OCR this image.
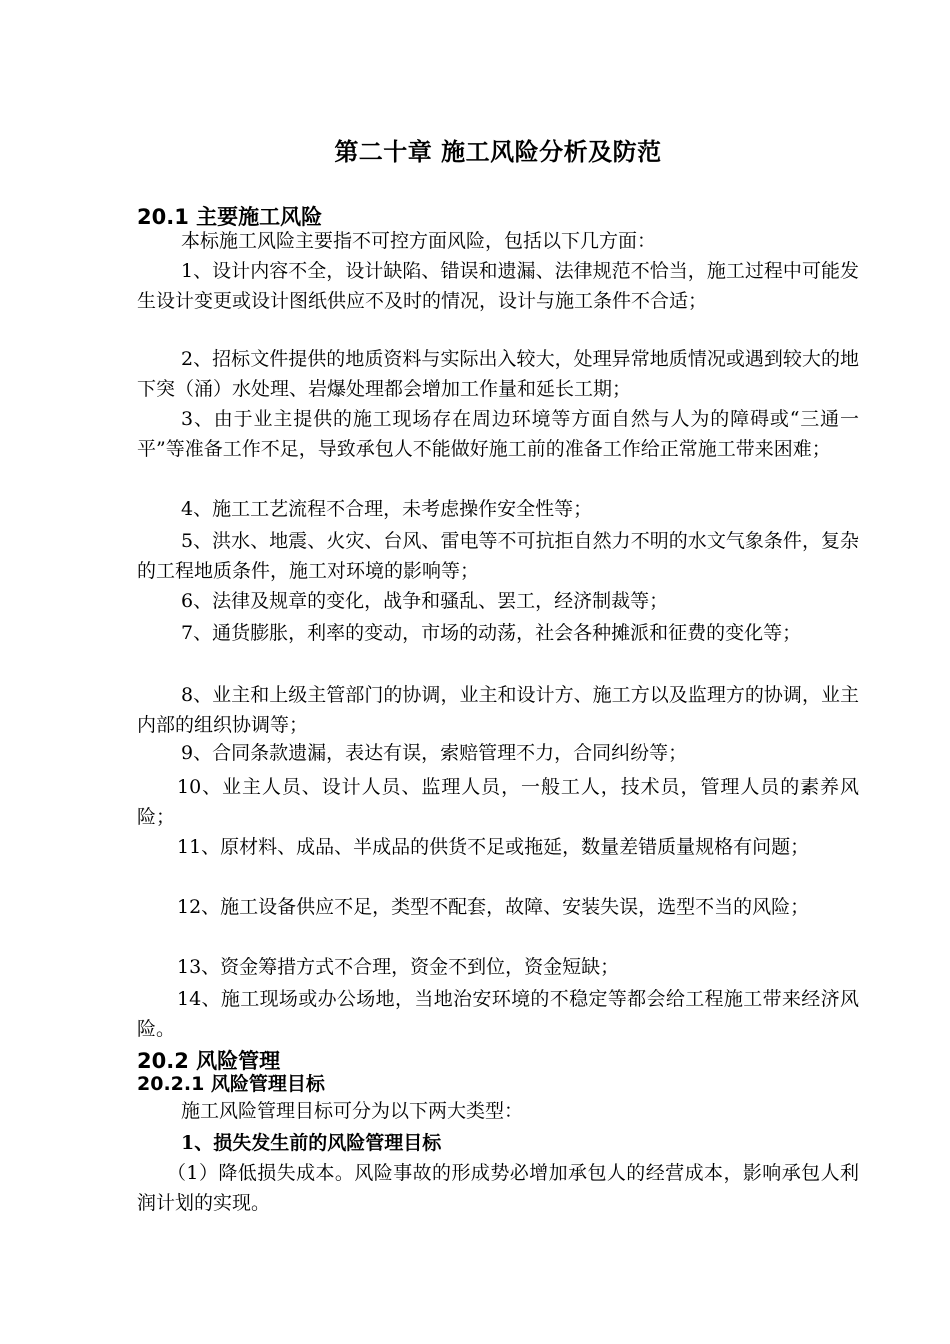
第二十章 施工风险分析及防范
20.1 主要施工风险
本标施工风险主要指不可控方面风险，包括以下几方面：
1、设计内容不全，设计缺陷、错误和遗漏、法律规范不恰当，施工过程中可能发生设计变更或设计图纸供应不及时的情况，设计与施工条件不合适；
2、招标文件提供的地质资料与实际出入较大，处理异常地质情况或遇到较大的地下突（涌）水处理、岩爆处理都会增加工作量和延长工期；
3、由于业主提供的施工现场存在周边环境等方面自然与人为的障碍或“三通一平”等准备工作不足，导致承包人不能做好施工前的准备工作给正常施工带来困难；
4、施工工艺流程不合理，未考虑操作安全性等；
5、洪水、地震、火灾、台风、雷电等不可抗拒自然力不明的水文气象条件，复杂的工程地质条件，施工对环境的影响等；
6、法律及规章的变化，战争和骚乱、罢工，经济制裁等；
7、通货膨胀，利率的变动，市场的动荡，社会各种摊派和征费的变化等；
8、业主和上级主管部门的协调，业主和设计方、施工方以及监理方的协调，业主内部的组织协调等；
9、合同条款遗漏，表达有误，索赔管理不力，合同纠纷等；
10、业主人员、设计人员、监理人员，一般工人，技术员，管理人员的素养风险；
11、原材料、成品、半成品的供货不足或拖延，数量差错质量规格有问题；
12、施工设备供应不足，类型不配套，故障、安装失误，选型不当的风险；
13、资金筹措方式不合理，资金不到位，资金短缺；
14、施工现场或办公场地，当地治安环境的不稳定等都会给工程施工带来经济风险。
20.2 风险管理
20.2.1 风险管理目标
施工风险管理目标可分为以下两大类型：
1、损失发生前的风险管理目标
（1）降低损失成本。风险事故的形成势必增加承包人的经营成本，影响承包人利润计划的实现。
